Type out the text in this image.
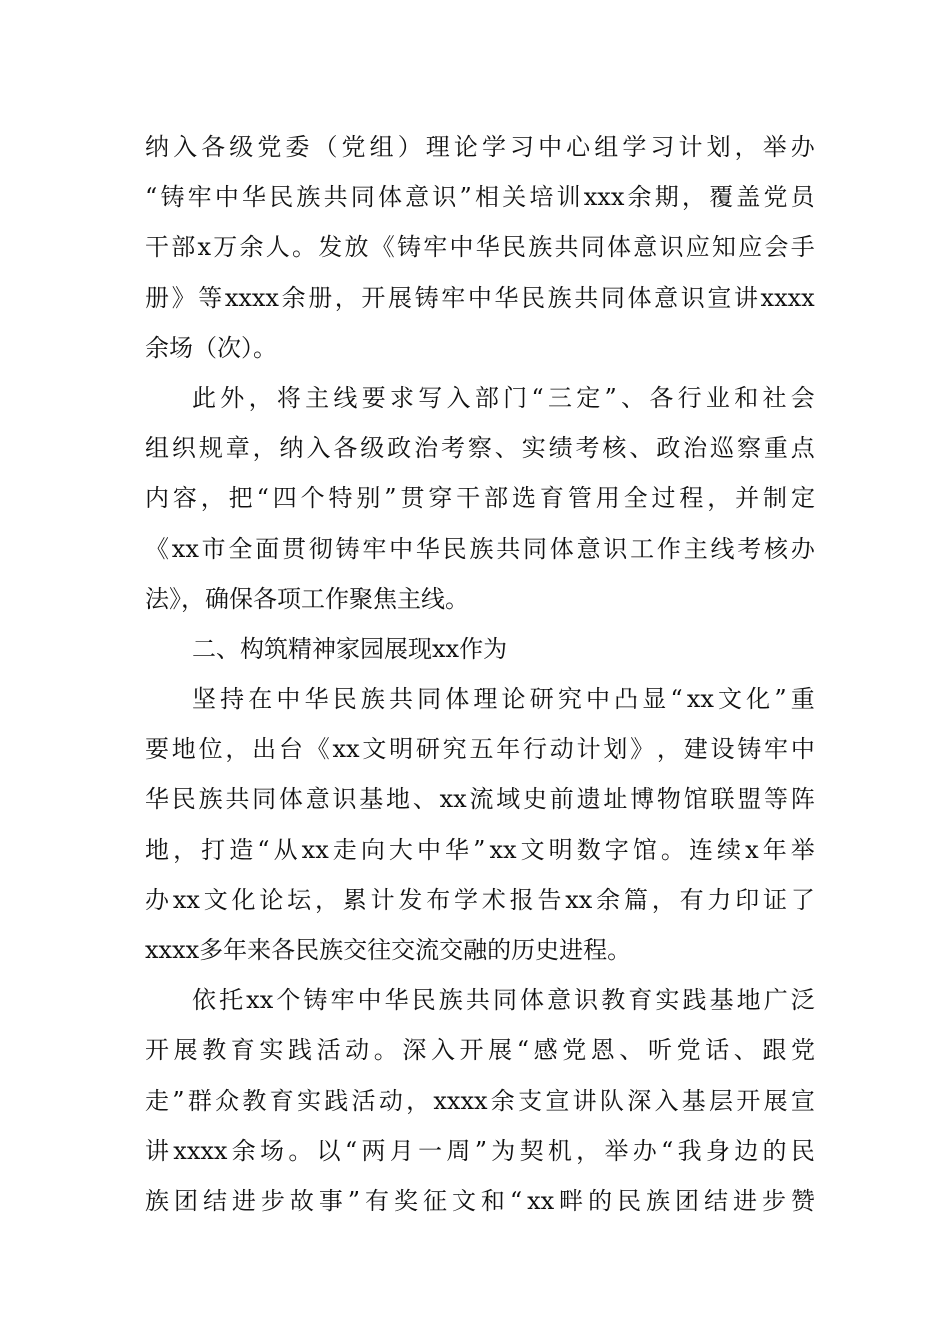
纳 入 各 级 党 委 （ 党 组 ） 理 论 学 习 中 心 组 学 习 计 划 ， 举 办
“ 铸 牢 中 华 民 族 共 同 体 意 识 ” 相 关 培 训 xxx 余 期 ， 覆 盖 党 员
干 部 x 万 余 人 。 发 放 《 铸 牢 中 华 民 族 共 同 体 意 识 应 知 应 会 手
册 》 等 xxxx 余 册 ， 开 展 铸 牢 中 华 民 族 共 同 体 意 识 宣 讲 xxxx
余场（次）。
此 外 ， 将 主 线 要 求 写 入 部 门 “ 三 定 ” 、 各 行 业 和 社 会
组 织 规 章 ， 纳 入 各 级 政 治 考 察 、 实 绩 考 核 、 政 治 巡 察 重 点
内 容 ， 把 “ 四 个 特 别 ” 贯 穿 干 部 选 育 管 用 全 过 程 ， 并 制 定
《 xx 市 全 面 贯 彻 铸 牢 中 华 民 族 共 同 体 意 识 工 作 主 线 考 核 办
法》，确保各项工作聚焦主线。
二、构筑精神家园展现xx作为
坚 持 在 中 华 民 族 共 同 体 理 论 研 究 中 凸 显 “ xx 文 化 ” 重
要 地 位 ， 出 台 《 xx 文 明 研 究 五 年 行 动 计 划 》 ， 建 设 铸 牢 中
华 民 族 共 同 体 意 识 基 地 、 xx 流 域 史 前 遗 址 博 物 馆 联 盟 等 阵
地 ， 打 造 “ 从 xx 走 向 大 中 华 ” xx 文 明 数 字 馆 。 连 续 x 年 举
办 xx 文 化 论 坛 ， 累 计 发 布 学 术 报 告 xx 余 篇 ， 有 力 印 证 了
xxxx多年来各民族交往交流交融的历史进程。
依 托 xx 个 铸 牢 中 华 民 族 共 同 体 意 识 教 育 实 践 基 地 广 泛
开 展 教 育 实 践 活 动 。 深 入 开 展 “ 感 党 恩 、 听 党 话 、 跟 党
走 ” 群 众 教 育 实 践 活 动 ， xxxx 余 支 宣 讲 队 深 入 基 层 开 展 宣
讲 xxxx 余 场 。 以 “ 两 月 一 周 ” 为 契 机 ， 举 办 “ 我 身 边 的 民
族 团 结 进 步 故 事 ” 有 奖 征 文 和 “ xx 畔 的 民 族 团 结 进 步 赞
